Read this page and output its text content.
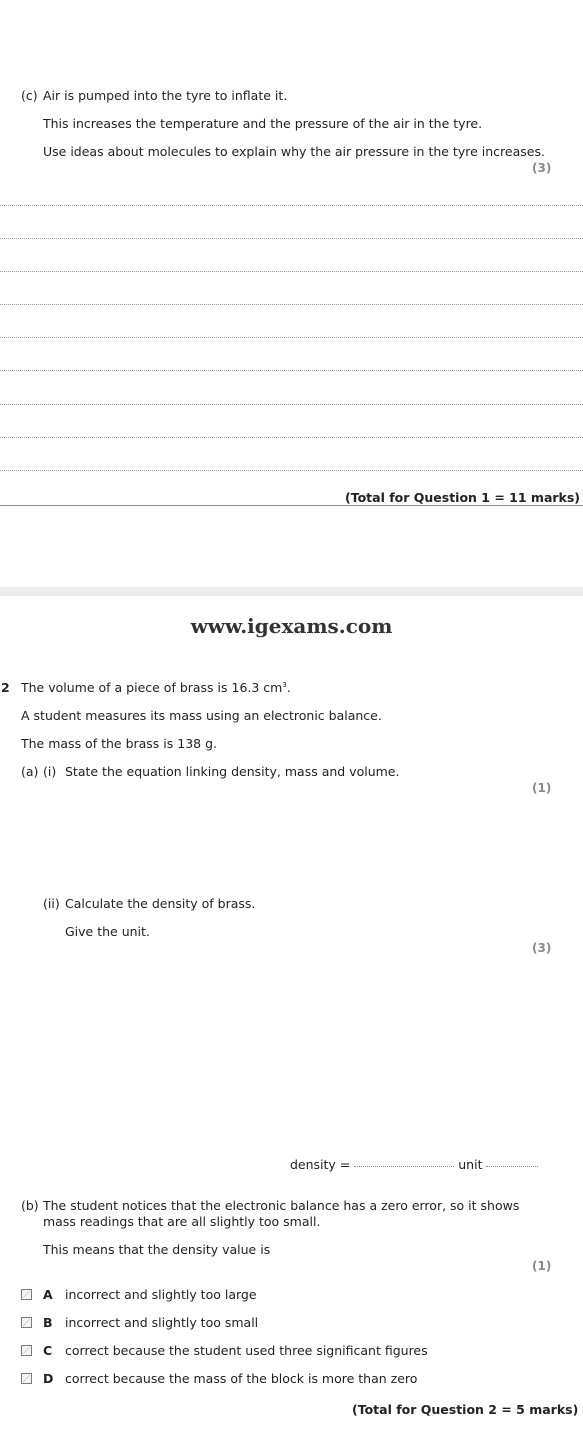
(c) Air is pumped into the tyre to inflate it.
This increases the temperature and the pressure of the air in the tyre.
Use ideas about molecules to explain why the air pressure in the tyre increases.
(3)
(Total for Question 1 = 11 marks)
www.igexams.com
2 The volume of a piece of brass is 16.3 $cm^3$.
A student measures its mass using an electronic balance.
The mass of the brass is 138 g.
(a) (i) State the equation linking density, mass and volume.
(1)
(ii) Calculate the density of brass.
Give the unit.
(3)
density =	unit
(b) The student notices that the electronic balance has a zero error, so it shows
mass readings that are all slightly too small.
This means that the density value is
(1)
A incorrect and slightly too large
B incorrect and slightly too small
C correct because the student used three significant figures
D correct because the mass of the block is more than zero
(Total for Question 2 = 5 marks)
